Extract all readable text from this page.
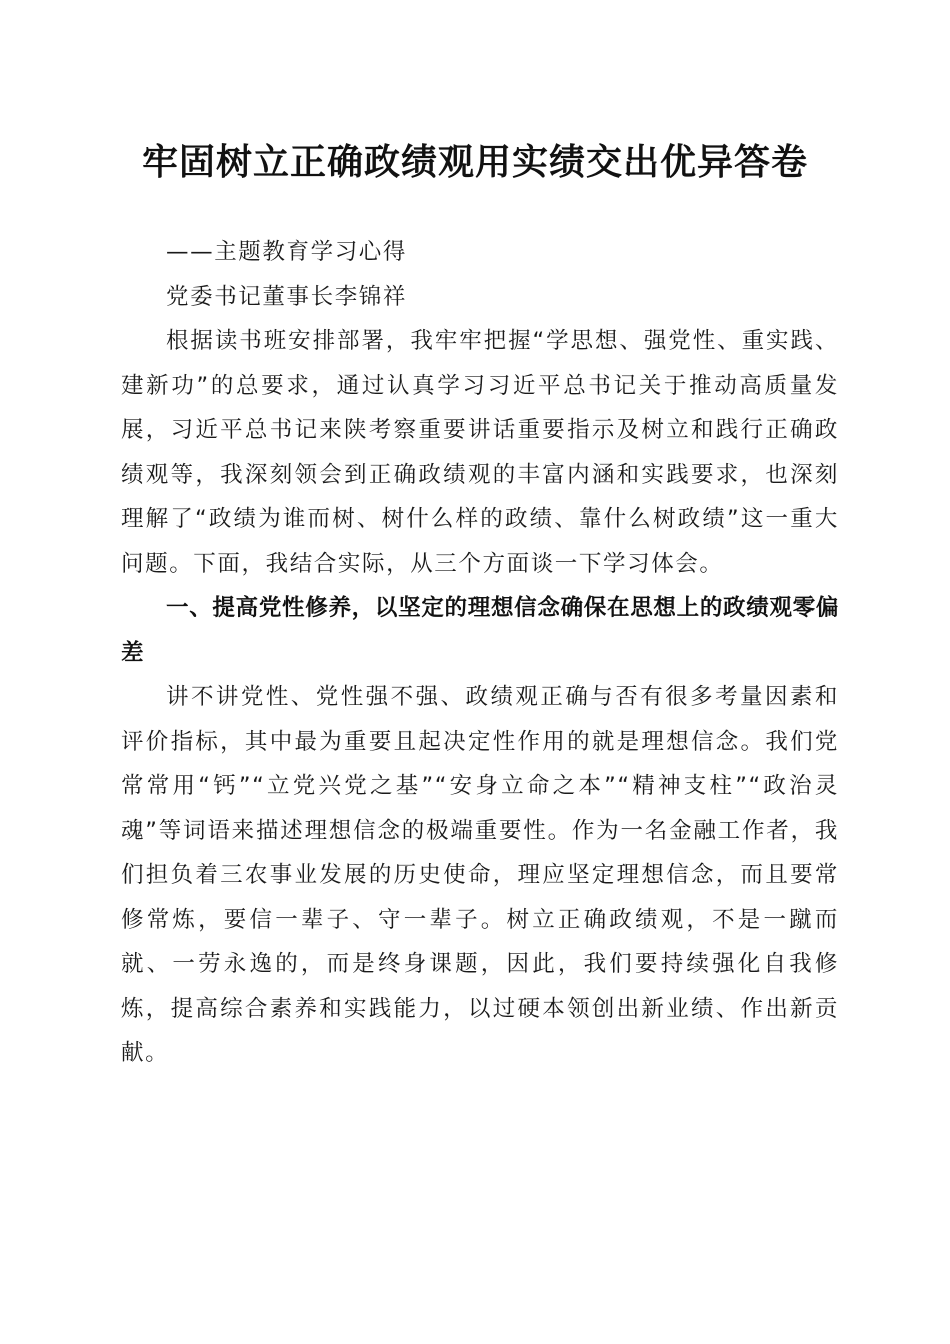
牢固树立正确政绩观用实绩交出优异答卷

——主题教育学习心得

党委书记董事长李锦祥

根据读书班安排部署，我牢牢把握“学思想、强党性、重实践、建新功”的总要求，通过认真学习习近平总书记关于推动高质量发展，习近平总书记来陕考察重要讲话重要指示及树立和践行正确政绩观等，我深刻领会到正确政绩观的丰富内涵和实践要求，也深刻理解了“政绩为谁而树、树什么样的政绩、靠什么树政绩”这一重大问题。下面，我结合实际，从三个方面谈一下学习体会。

一、提高党性修养，以坚定的理想信念确保在思想上的政绩观零偏差

讲不讲党性、党性强不强、政绩观正确与否有很多考量因素和评价指标，其中最为重要且起决定性作用的就是理想信念。我们党常常用“钙”“立党兴党之基”“安身立命之本”“精神支柱”“政治灵魂”等词语来描述理想信念的极端重要性。作为一名金融工作者，我们担负着三农事业发展的历史使命，理应坚定理想信念，而且要常修常炼，要信一辈子、守一辈子。树立正确政绩观，不是一蹴而就、一劳永逸的，而是终身课题，因此，我们要持续强化自我修炼，提高综合素养和实践能力，以过硬本领创出新业绩、作出新贡献。
